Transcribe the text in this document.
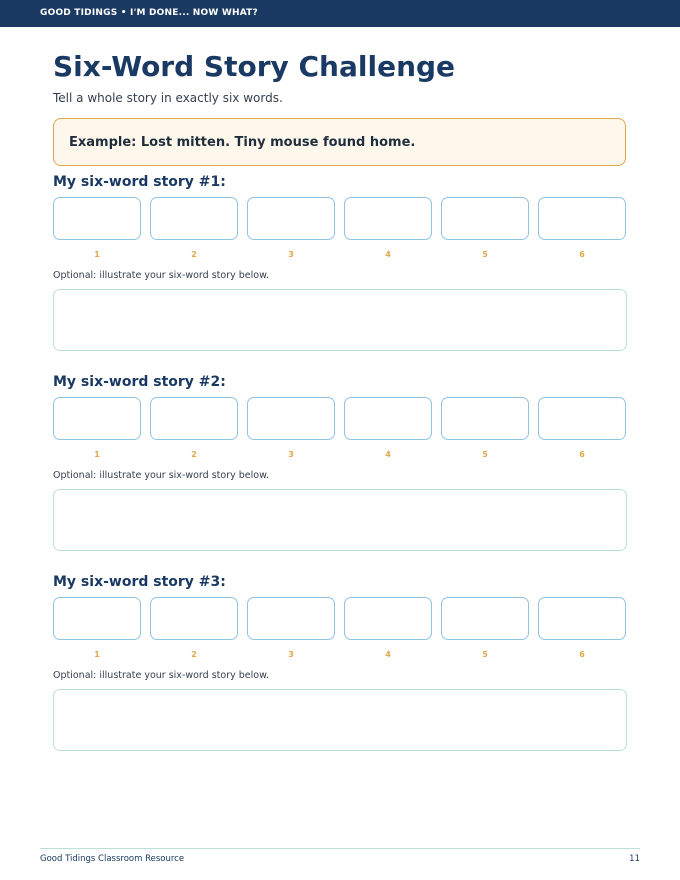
GOOD TIDINGS • I'M DONE... NOW WHAT?
Six-Word Story Challenge
Tell a whole story in exactly six words.
Example: Lost mitten. Tiny mouse found home.
My six-word story #1:
1	2	3	4	5	6
Optional: illustrate your six-word story below.
My six-word story #2:
1	2	3	4	5	6
Optional: illustrate your six-word story below.
My six-word story #3:
1	2	3	4	5	6
Optional: illustrate your six-word story below.
Good Tidings Classroom Resource	11
